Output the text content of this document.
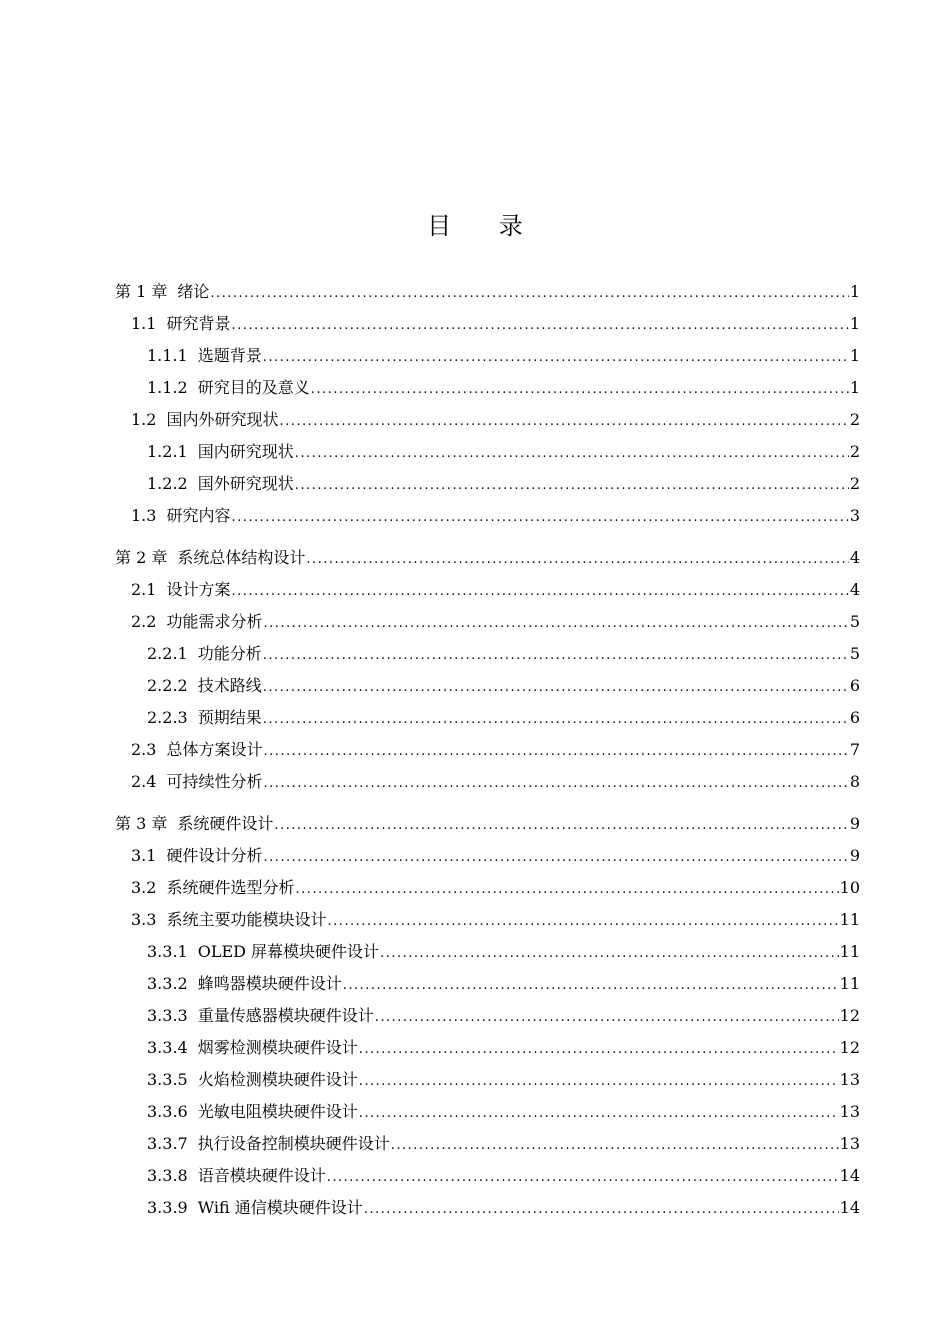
目 录
第 1 章 绪论 .....	1
1.1 研究背景 .....	1
1.1.1 选题背景 .....	1
1.1.2 研究目的及意义 .....	1
1.2 国内外研究现状 .....	2
1.2.1 国内研究现状 .....	2
1.2.2 国外研究现状 .....	2
1.3 研究内容 .....	3
第 2 章 系统总体结构设计 .....	4
2.1 设计方案 .....	4
2.2 功能需求分析 .....	5
2.2.1 功能分析 .....	5
2.2.2 技术路线 .....	6
2.2.3 预期结果 .....	6
2.3 总体方案设计 .....	7
2.4 可持续性分析 .....	8
第 3 章 系统硬件设计 .....	9
3.1 硬件设计分析 .....	9
3.2 系统硬件选型分析 .....	10
3.3 系统主要功能模块设计 .....	11
3.3.1 OLED 屏幕模块硬件设计 .....	11
3.3.2 蜂鸣器模块硬件设计 .....	11
3.3.3 重量传感器模块硬件设计 .....	12
3.3.4 烟雾检测模块硬件设计 .....	12
3.3.5 火焰检测模块硬件设计 .....	13
3.3.6 光敏电阻模块硬件设计 .....	13
3.3.7 执行设备控制模块硬件设计 .....	13
3.3.8 语音模块硬件设计 .....	14
3.3.9 Wifi 通信模块硬件设计 .....	14
